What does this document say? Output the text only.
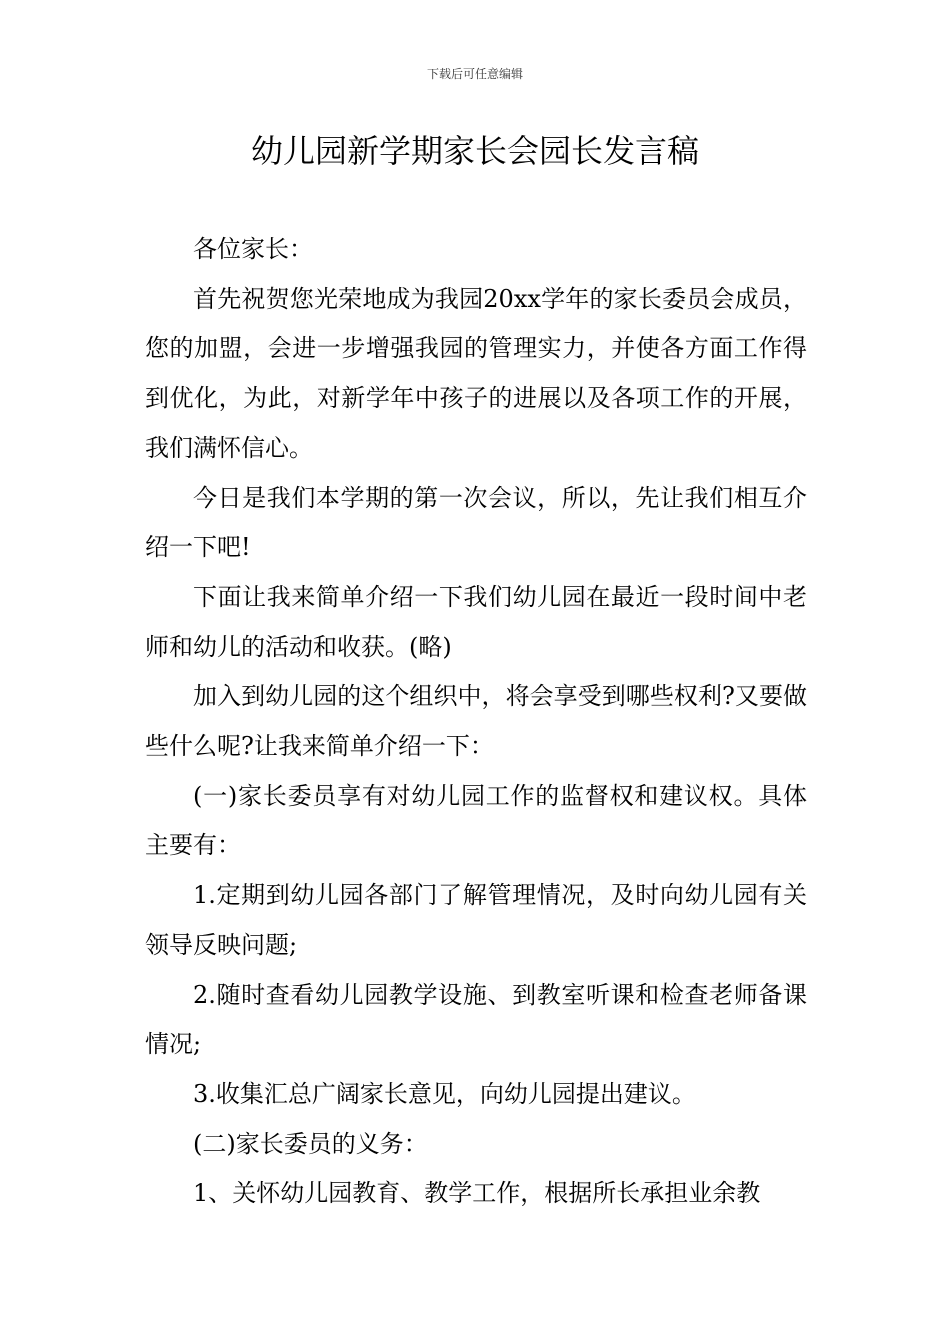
下载后可任意编辑
幼儿园新学期家长会园长发言稿

各位家长：

首先祝贺您光荣地成为我园20xx学年的家长委员会成员，您的加盟，会进一步增强我园的管理实力，并使各方面工作得到优化，为此，对新学年中孩子的进展以及各项工作的开展，我们满怀信心。

今日是我们本学期的第一次会议，所以，先让我们相互介绍一下吧!

下面让我来简单介绍一下我们幼儿园在最近一段时间中老师和幼儿的活动和收获。(略)

加入到幼儿园的这个组织中，将会享受到哪些权利?又要做些什么呢?让我来简单介绍一下：

(一)家长委员享有对幼儿园工作的监督权和建议权。具体主要有：

1.定期到幼儿园各部门了解管理情况，及时向幼儿园有关领导反映问题;

2.随时查看幼儿园教学设施、到教室听课和检查老师备课情况;

3.收集汇总广阔家长意见，向幼儿园提出建议。

(二)家长委员的义务：

1、关怀幼儿园教育、教学工作，根据所长承担业余教
